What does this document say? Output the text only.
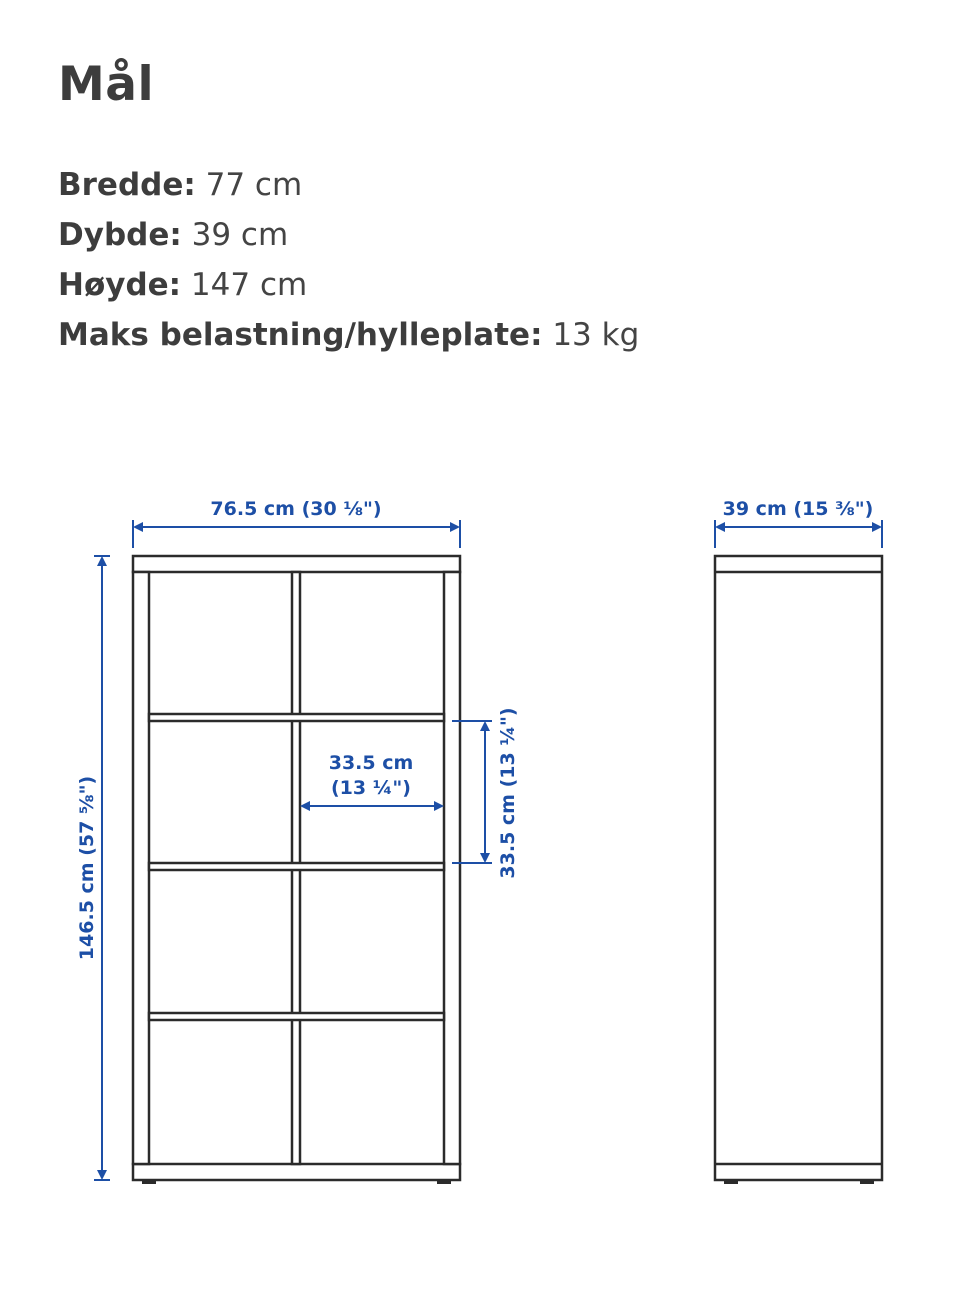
Mål
Bredde: 77 cm
Dybde: 39 cm
Høyde: 147 cm
Maks belastning/hylleplate: 13 kg
76.5 cm (30 ⅛")
146.5 cm (57 ⅝")
33.5 cm
(13 ¼")	33.5 cm (13 ¼")
39 cm (15 ⅜")
